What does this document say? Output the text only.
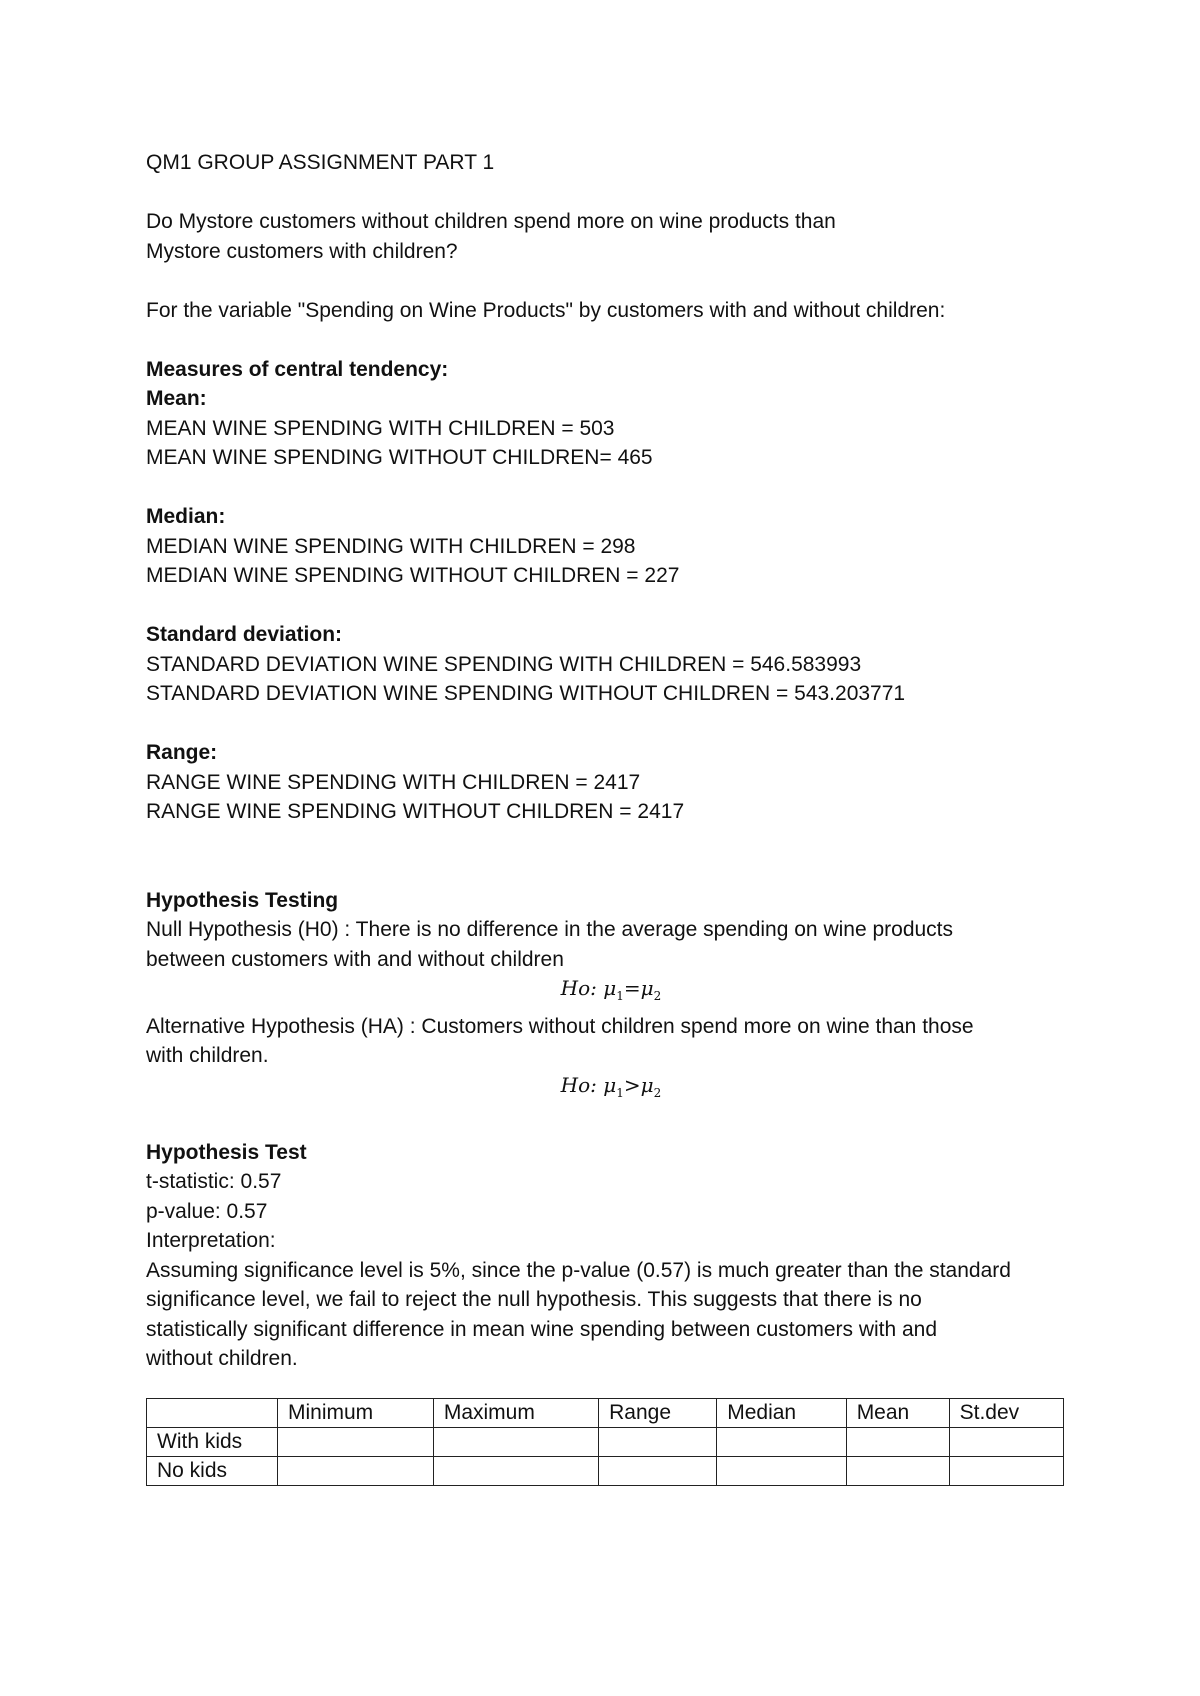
QM1 GROUP ASSIGNMENT PART 1

Do Mystore customers without children spend more on wine products than

Mystore customers with children?

For the variable "Spending on Wine Products" by customers with and without children:

Measures of central tendency:

Mean:

MEAN WINE SPENDING WITH CHILDREN = 503

MEAN WINE SPENDING WITHOUT CHILDREN= 465

Median:

MEDIAN WINE SPENDING WITH CHILDREN = 298

MEDIAN WINE SPENDING WITHOUT CHILDREN = 227

Standard deviation:

STANDARD DEVIATION WINE SPENDING WITH CHILDREN = 546.583993

STANDARD DEVIATION WINE SPENDING WITHOUT CHILDREN = 543.203771

Range:

RANGE WINE SPENDING WITH CHILDREN = 2417

RANGE WINE SPENDING WITHOUT CHILDREN = 2417

Hypothesis Testing

Null Hypothesis (H0) : There is no difference in the average spending on wine products

between customers with and without children

Ho: $\mu_1=\mu_2$

Alternative Hypothesis (HA) : Customers without children spend more on wine than those

with children.

Ho: $\mu_1>\mu_2$

Hypothesis Test

t-statistic: 0.57

p-value: 0.57

Interpretation:

Assuming significance level is 5%, since the p-value (0.57) is much greater than the standard

significance level, we fail to reject the null hypothesis. This suggests that there is no

statistically significant difference in mean wine spending between customers with and

without children.

	Minimum	Maximum	Range	Median	Mean	St.dev
With kids						
No kids						
